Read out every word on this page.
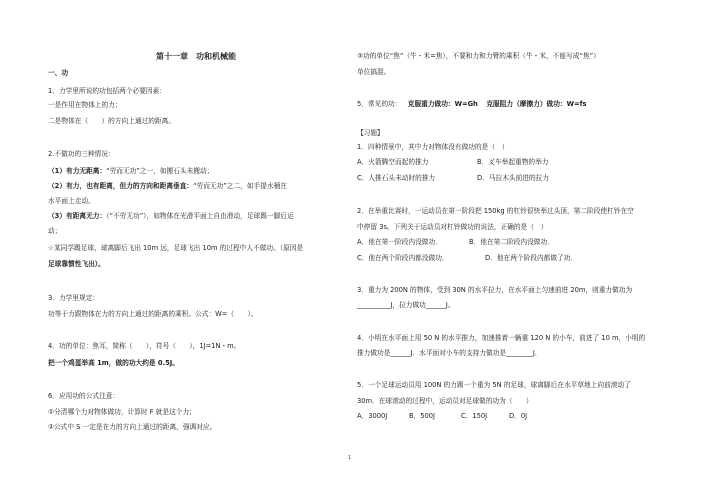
第十一章　功和机械能
一、功
1．力学里所说的功包括两个必要因素：
一是作用在物体上的力；
二是物体在（　　）的方向上通过的距离。
2.不做功的三种情况：
（1）有力无距离：“劳而无功”之一，如搬石头未搬动；
（2）有力，也有距离，但力的方向和距离垂直：“劳而无功”之二，如手提水桶在
水平面上走动。
（3）有距离无力：（“不劳无功”），如物体在光滑平面上自由滑动，足球踢一脚后运
动；
☆某同学踢足球，球离脚后飞出 10m 远，足球飞出 10m 的过程中人不做功。（原因是
足球靠惯性飞出）。
3．力学里规定：
功等于力跟物体在力的方向上通过的距离的乘积。公式：W=（　　）。
4．功的单位：焦耳，简称（　　），符号（　　），1J=1N・m。
把一个鸡蛋举高 1m，做的功大约是 0.5J。
6．应用功的公式注意：
①分清哪个力对物体做功，计算时 F 就是这个力；
②公式中 S 一定是在力的方向上通过的距离，强调对应。
③功的单位“焦”（牛・米=焦），不要和力和力臂的乘积（牛・米，不能写成“焦”）
单位搞混。
5．常见的功： 克服重力做功：W=Gh 克服阻力（摩擦力）做功：W=fs
【习题】
1．四种情景中，其中力对物体没有做功的是（　）
A．火箭腾空而起的推力	B．叉车举起重物的举力
C．人推石头未动时的推力	D．马拉木头前进的拉力
2．在举重比赛时，一运动员在第一阶段把 150kg 的杠铃很快举过头顶，第二阶段使杠铃在空
中停留 3s。下列关于运动员对杠铃做功的说法，正确的是（　）
A．他在第一阶段内没做功．	B．他在第二阶段内没做功．
C．他在两个阶段内都没做功．	D．他在两个阶段内都做了功．
3．重力为 200N 的物体，受到 30N 的水平拉力，在水平面上匀速前进 20m，则重力做功为
__________J，拉力做功______J。
4．小明在水平面上用 50 N 的水平推力，加速推着一辆重 120 N 的小车，前进了 10 m，小明的
推力做功是______J．水平面对小车的支持力做功是________J．
5．一个足球运动员用 100N 的力踢一个重为 5N 的足球，球离脚后在水平草地上向前滚动了
30m．在球滚动的过程中，运动员对足球做的功为（　　）
A．3000J	B．500J	C．150J	D．0J
1
